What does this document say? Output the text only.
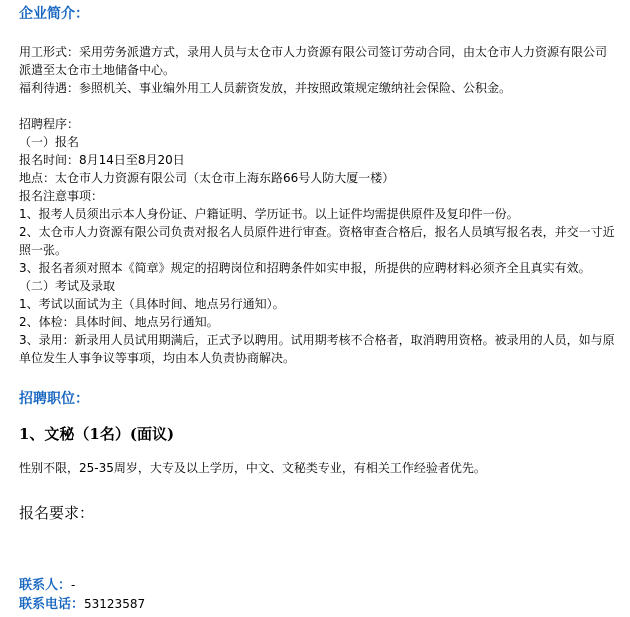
企业简介：

用工形式：采用劳务派遣方式，录用人员与太仓市人力资源有限公司签订劳动合同，由太仓市人力资源有限公司派遣至太仓市土地储备中心。

福利待遇：参照机关、事业编外用工人员薪资发放，并按照政策规定缴纳社会保险、公积金。

招聘程序：

（一）报名

报名时间：8月14日至8月20日

地点：太仓市人力资源有限公司（太仓市上海东路66号人防大厦一楼）

报名注意事项：

1、报考人员须出示本人身份证、户籍证明、学历证书。以上证件均需提供原件及复印件一份。

2、太仓市人力资源有限公司负责对报名人员原件进行审查。资格审查合格后，报名人员填写报名表，并交一寸近照一张。

3、报名者须对照本《简章》规定的招聘岗位和招聘条件如实申报，所提供的应聘材料必须齐全且真实有效。

（二）考试及录取

1、考试以面试为主（具体时间、地点另行通知）。

2、体检：具体时间、地点另行通知。

3、录用：新录用人员试用期满后，正式予以聘用。试用期考核不合格者，取消聘用资格。被录用的人员，如与原单位发生人事争议等事项，均由本人负责协商解决。

招聘职位：
1、文秘（1名）(面议)
性别不限，25-35周岁，大专及以上学历，中文、文秘类专业，有相关工作经验者优先。
报名要求：
联系人：-
联系电话：53123587
